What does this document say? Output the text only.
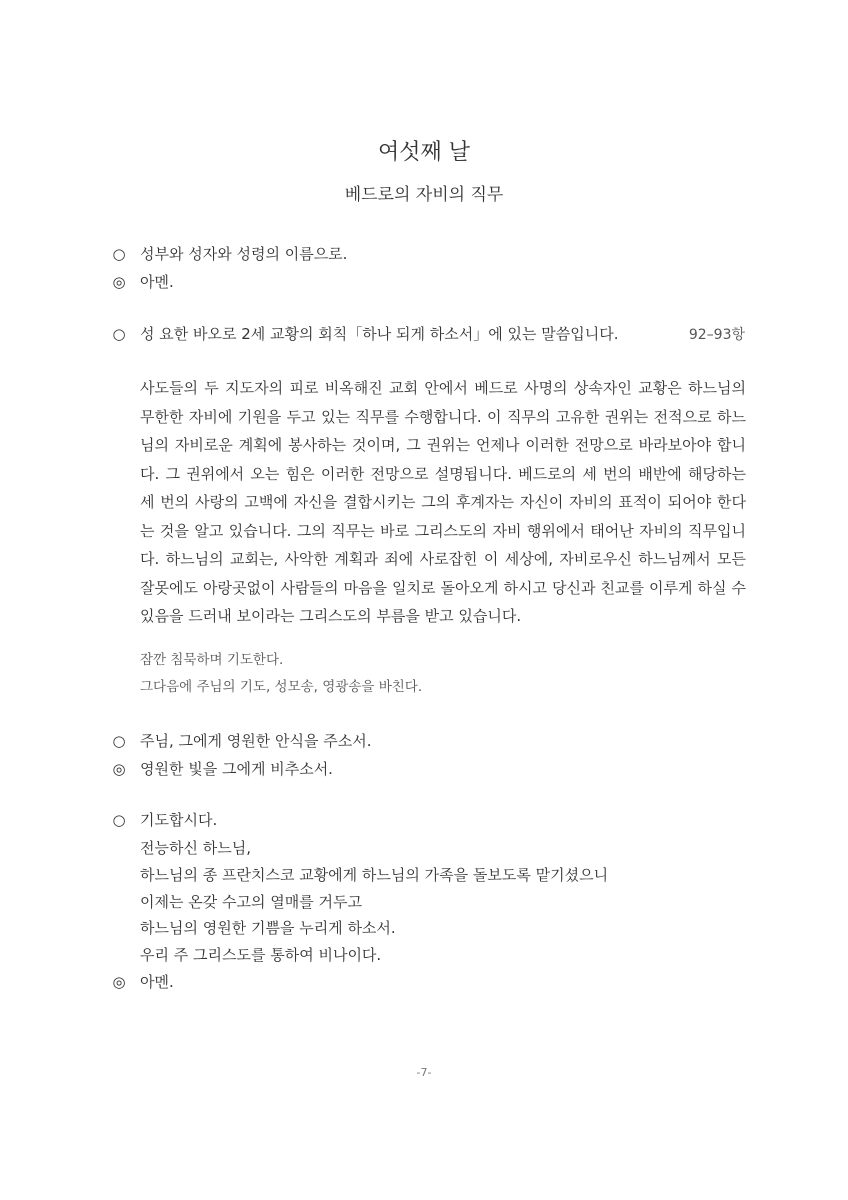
여섯째 날
베드로의 자비의 직무
○ 성부와 성자와 성령의 이름으로.
◎ 아멘.
○ 성 요한 바오로 2세 교황의 회칙「하나 되게 하소서」에 있는 말씀입니다.	92–93항
사도들의 두 지도자의 피로 비옥해진 교회 안에서 베드로 사명의 상속자인 교황은 하느님의 무한한 자비에 기원을 두고 있는 직무를 수행합니다. 이 직무의 고유한 권위는 전적으로 하느님의 자비로운 계획에 봉사하는 것이며, 그 권위는 언제나 이러한 전망으로 바라보아야 합니다. 그 권위에서 오는 힘은 이러한 전망으로 설명됩니다. 베드로의 세 번의 배반에 해당하는 세 번의 사랑의 고백에 자신을 결합시키는 그의 후계자는 자신이 자비의 표적이 되어야 한다는 것을 알고 있습니다. 그의 직무는 바로 그리스도의 자비 행위에서 태어난 자비의 직무입니다. 하느님의 교회는, 사악한 계획과 죄에 사로잡힌 이 세상에, 자비로우신 하느님께서 모든 잘못에도 아랑곳없이 사람들의 마음을 일치로 돌아오게 하시고 당신과 친교를 이루게 하실 수 있음을 드러내 보이라는 그리스도의 부름을 받고 있습니다.
잠깐 침묵하며 기도한다.
그다음에 주님의 기도, 성모송, 영광송을 바친다.
○ 주님, 그에게 영원한 안식을 주소서.
◎ 영원한 빛을 그에게 비추소서.
○ 기도합시다.
전능하신 하느님,
하느님의 종 프란치스코 교황에게 하느님의 가족을 돌보도록 맡기셨으니
이제는 온갖 수고의 열매를 거두고
하느님의 영원한 기쁨을 누리게 하소서.
우리 주 그리스도를 통하여 비나이다.
◎ 아멘.
-7-
